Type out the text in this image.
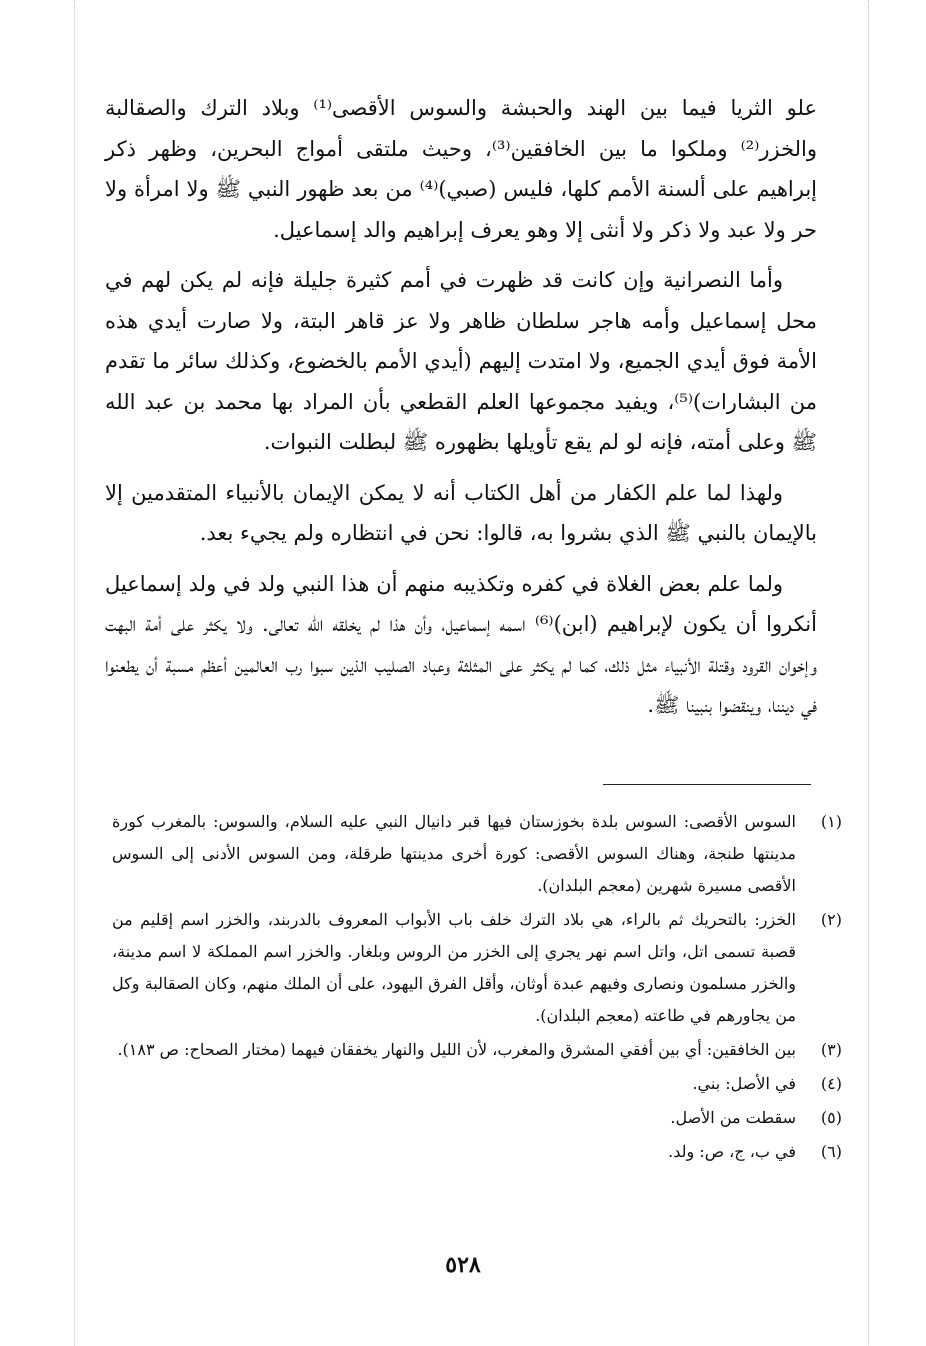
علو الثريا فيما بين الهند والحبشة والسوس الأقصى⁽¹⁾ وبلاد الترك والصقالبة والخزر⁽²⁾ وملكوا ما بين الخافقين⁽³⁾، وحيث ملتقى أمواج البحرين، وظهر ذكر إبراهيم على ألسنة الأمم كلها، فليس (صبي)⁽⁴⁾ من بعد ظهور النبي ﷺ ولا امرأة ولا حر ولا عبد ولا ذكر ولا أنثى إلا وهو يعرف إبراهيم والد إسماعيل.

وأما النصرانية وإن كانت قد ظهرت في أمم كثيرة جليلة فإنه لم يكن لهم في محل إسماعيل وأمه هاجر سلطان ظاهر ولا عز قاهر البتة، ولا صارت أيدي هذه الأمة فوق أيدي الجميع، ولا امتدت إليهم (أيدي الأمم بالخضوع، وكذلك سائر ما تقدم من البشارات)⁽⁵⁾، ويفيد مجموعها العلم القطعي بأن المراد بها محمد بن عبد الله ﷺ وعلى أمته، فإنه لو لم يقع تأويلها بظهوره ﷺ لبطلت النبوات.

ولهذا لما علم الكفار من أهل الكتاب أنه لا يمكن الإيمان بالأنبياء المتقدمين إلا بالإيمان بالنبي ﷺ الذي بشروا به، قالوا: نحن في انتظاره ولم يجيء بعد.

ولما علم بعض الغلاة في كفره وتكذيبه منهم أن هذا النبي ولد في ولد إسماعيل أنكروا أن يكون لإبراهيم (ابن)⁽⁶⁾ اسمه إسماعيل، وأن هذا لم يخلقه الله تعالى. ولا يكثر على أمة البهت وإخوان القرود وقتلة الأنبياء مثل ذلك، كما لم يكثر على المثلثة وعباد الصليب الذين سبوا رب العالمين أعظم مسبة أن يطعنوا في ديننا، وينقضوا بنبينا ﷺ.

(١)
السوس الأقصى: السوس بلدة بخوزستان فيها قبر دانيال النبي عليه السلام، والسوس: بالمغرب كورة مدينتها طنجة، وهناك السوس الأقصى: كورة أخرى مدينتها طرقلة، ومن السوس الأدنى إلى السوس الأقصى مسيرة شهرين (معجم البلدان).
(٢)
الخزر: بالتحريك ثم بالراء، هي بلاد الترك خلف باب الأبواب المعروف بالدربند، والخزر اسم إقليم من قصبة تسمى اتل، واتل اسم نهر يجري إلى الخزر من الروس وبلغار. والخزر اسم المملكة لا اسم مدينة، والخزر مسلمون ونصارى وفيهم عبدة أوثان، وأقل الفرق اليهود، على أن الملك منهم، وكان الصقالبة وكل من يجاورهم في طاعته (معجم البلدان).
(٣)
بين الخافقين: أي بين أفقي المشرق والمغرب، لأن الليل والنهار يخفقان فيهما (مختار الصحاح: ص ١٨٣).
(٤)
في الأصل: بني.
(٥)
سقطت من الأصل.
(٦)
في ب، ج، ص: ولد.
٥٢٨
